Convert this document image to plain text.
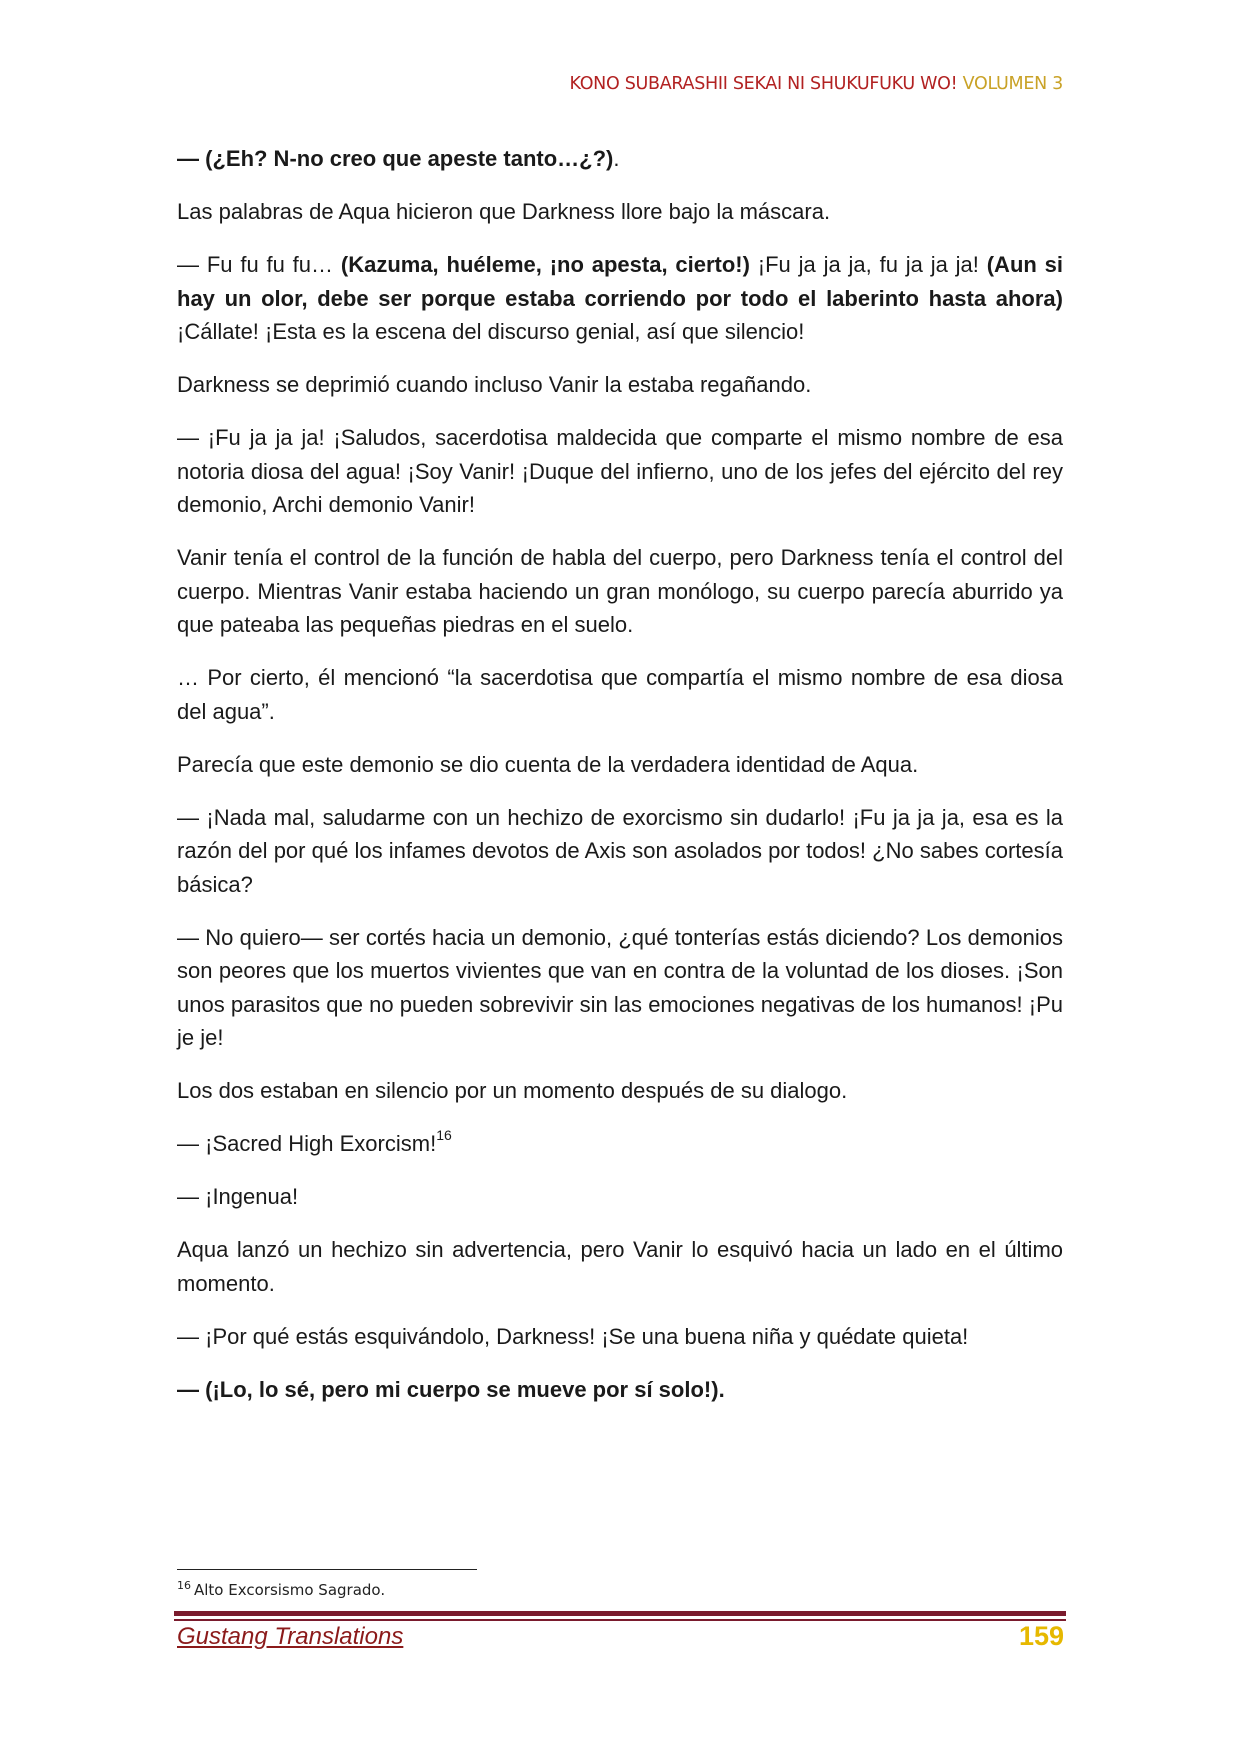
KONO SUBARASHII SEKAI NI SHUKUFUKU WO! VOLUMEN 3

— (¿Eh? N-no creo que apeste tanto…¿?).

Las palabras de Aqua hicieron que Darkness llore bajo la máscara.

— Fu fu fu fu… (Kazuma, huéleme, ¡no apesta, cierto!) ¡Fu ja ja ja, fu ja ja ja! (Aun si hay un olor, debe ser porque estaba corriendo por todo el laberinto hasta ahora) ¡Cállate! ¡Esta es la escena del discurso genial, así que silencio!

Darkness se deprimió cuando incluso Vanir la estaba regañando.

— ¡Fu ja ja ja! ¡Saludos, sacerdotisa maldecida que comparte el mismo nombre de esa notoria diosa del agua! ¡Soy Vanir! ¡Duque del infierno, uno de los jefes del ejército del rey demonio, Archi demonio Vanir!

Vanir tenía el control de la función de habla del cuerpo, pero Darkness tenía el control del cuerpo. Mientras Vanir estaba haciendo un gran monólogo, su cuerpo parecía aburrido ya que pateaba las pequeñas piedras en el suelo.

… Por cierto, él mencionó “la sacerdotisa que compartía el mismo nombre de esa diosa del agua”.

Parecía que este demonio se dio cuenta de la verdadera identidad de Aqua.

— ¡Nada mal, saludarme con un hechizo de exorcismo sin dudarlo! ¡Fu ja ja ja, esa es la razón del por qué los infames devotos de Axis son asolados por todos! ¿No sabes cortesía básica?

— No quiero— ser cortés hacia un demonio, ¿qué tonterías estás diciendo? Los demonios son peores que los muertos vivientes que van en contra de la voluntad de los dioses. ¡Son unos parasitos que no pueden sobrevivir sin las emociones negativas de los humanos! ¡Pu je je!

Los dos estaban en silencio por un momento después de su dialogo.

— ¡Sacred High Exorcism!$^{16}$

— ¡Ingenua!

Aqua lanzó un hechizo sin advertencia, pero Vanir lo esquivó hacia un lado en el último momento.

— ¡Por qué estás esquivándolo, Darkness! ¡Se una buena niña y quédate quieta!

— (¡Lo, lo sé, pero mi cuerpo se mueve por sí solo!).

$^{16}$ Alto Excorsismo Sagrado.
Gustang Translations	159
